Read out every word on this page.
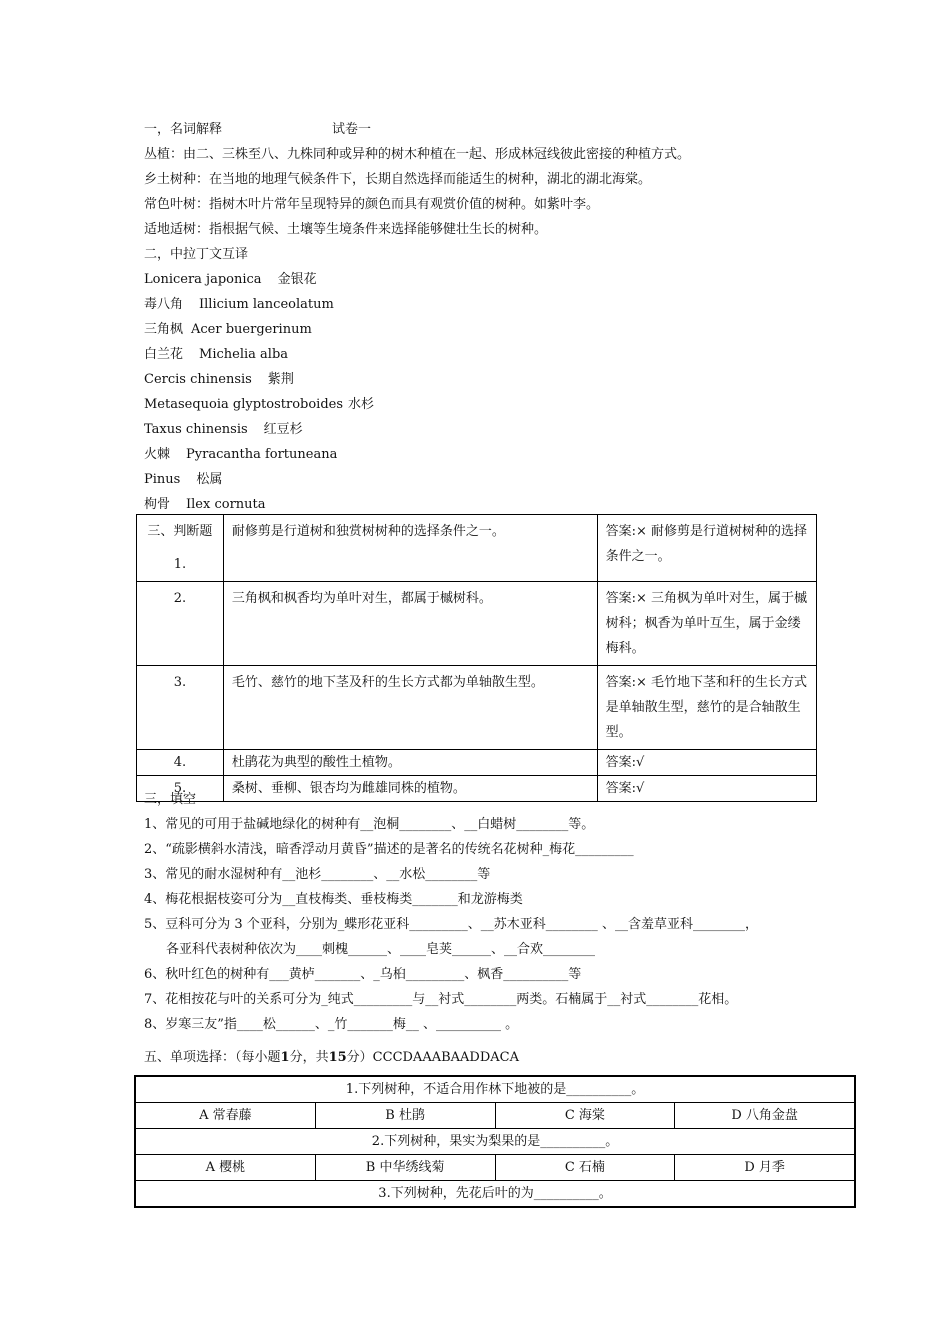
一，名词解释	试卷一
丛植：由二、三株至八、九株同种或异种的树木种植在一起、形成林冠线彼此密接的种植方式。
乡土树种：在当地的地理气候条件下，长期自然选择而能适生的树种，湖北的湖北海棠。
常色叶树：指树木叶片常年呈现特异的颜色而具有观赏价值的树种。如紫叶李。
适地适树：指根据气候、土壤等生境条件来选择能够健壮生长的树种。
二，中拉丁文互译
Lonicera japonica 金银花
毒八角 Illicium lanceolatum
三角枫 Acer buergerinum
白兰花 Michelia alba
Cercis chinensis 紫荆
Metasequoia glyptostroboides 水杉
Taxus chinensis 红豆杉
火棘 Pyracantha fortuneana
Pinus 松属
枸骨 Ilex cornuta
三、判断题
1.	耐修剪是行道树和独赏树树种的选择条件之一。	答案:× 耐修剪是行道树树种的选择条件之一。
2.	三角枫和枫香均为单叶对生，都属于槭树科。	答案:× 三角枫为单叶对生，属于槭树科；枫香为单叶互生，属于金缕梅科。
3.	毛竹、慈竹的地下茎及秆的生长方式都为单轴散生型。	答案:× 毛竹地下茎和秆的生长方式是单轴散生型，慈竹的是合轴散生型。
4.	杜鹃花为典型的酸性土植物。	答案:√
5.	桑树、垂柳、银杏均为雌雄同株的植物。	答案:√
三，填空
1、常见的可用于盐碱地绿化的树种有__泡桐________、__白蜡树________等。
2、“疏影横斜水清浅，暗香浮动月黄昏”描述的是著名的传统名花树种_梅花_________
3、常见的耐水湿树种有__池杉________、__水松________等
4、梅花根据枝姿可分为__直枝梅类、垂枝梅类_______和龙游梅类
5、豆科可分为 3 个亚科，分别为_蝶形花亚科_________、__苏木亚科________ 、__含羞草亚科________，
各亚科代表树种依次为____刺槐______、____皂荚______、__合欢________
6、秋叶红色的树种有___黄栌_______、_乌桕_________、枫香__________等
7、花相按花与叶的关系可分为_纯式_________与__衬式________两类。石楠属于__衬式________花相。
8、岁寒三友”指____松______、_竹_______梅__ 、__________ 。
五、单项选择：（每小题1分，共15分）CCCDAAABAADDACA
1.下列树种，不适合用作林下地被的是__________。			
A 常春藤	B 杜鹃	C 海棠	D 八角金盘
2.下列树种，果实为梨果的是__________。			
A 樱桃	B 中华绣线菊	C 石楠	D 月季
3.下列树种，先花后叶的为__________。			
